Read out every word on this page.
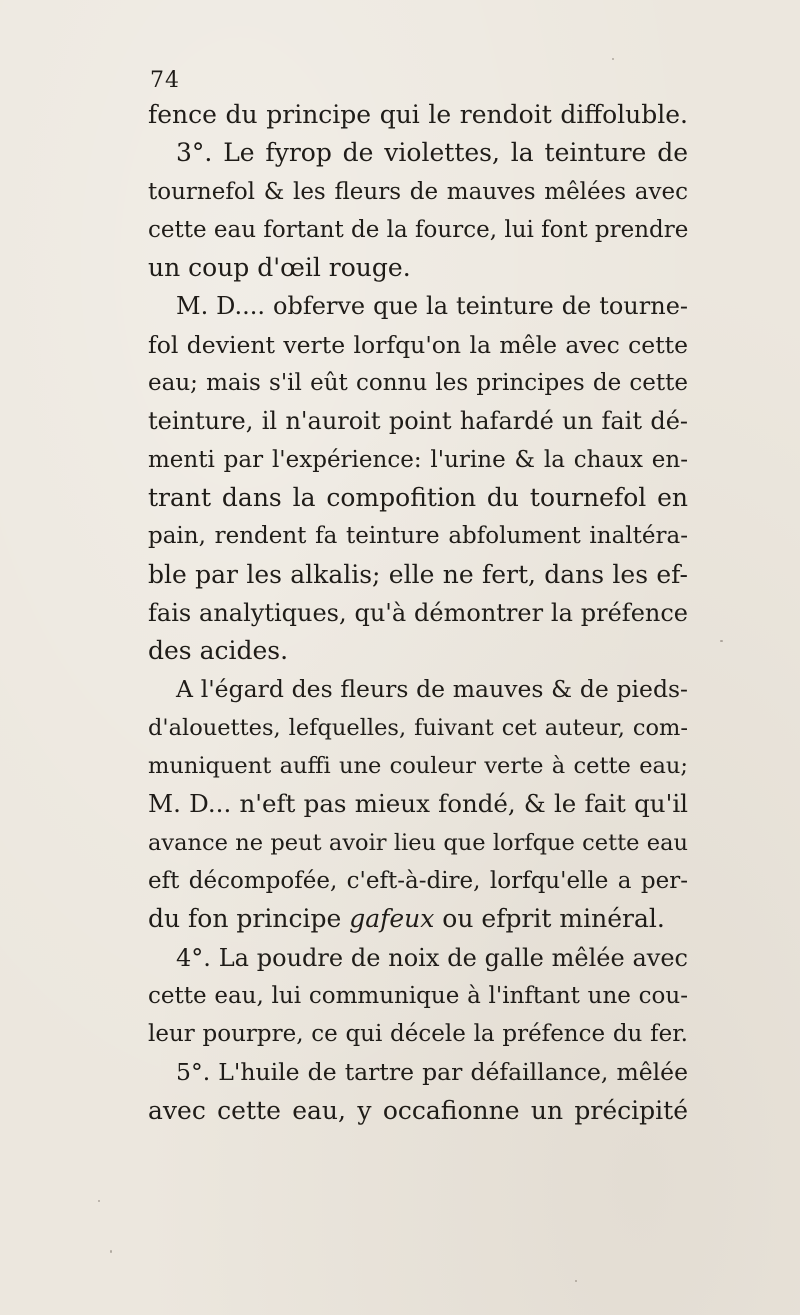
74
fence du principe qui le rendoit diffoluble.
3°. Le fyrop de violettes, la teinture de
tournefol & les fleurs de mauves mêlées avec
cette eau fortant de la fource, lui font prendre
un coup d'œil rouge.
M. D.... obferve que la teinture de tourne-
fol devient verte lorfqu'on la mêle avec cette
eau; mais s'il eût connu les principes de cette
teinture, il n'auroit point hafardé un fait dé-
menti par l'expérience: l'urine & la chaux en-
trant dans la compofition du tournefol en
pain, rendent fa teinture abfolument inaltéra-
ble par les alkalis; elle ne fert, dans les ef-
fais analytiques, qu'à démontrer la préfence
des acides.
A l'égard des fleurs de mauves & de pieds-
d'alouettes, lefquelles, fuivant cet auteur, com-
muniquent auffi une couleur verte à cette eau;
M. D... n'eft pas mieux fondé, & le fait qu'il
avance ne peut avoir lieu que lorfque cette eau
eft décompofée, c'eft-à-dire, lorfqu'elle a per-
du fon principe gafeux ou efprit minéral.
4°. La poudre de noix de galle mêlée avec
cette eau, lui communique à l'inftant une cou-
leur pourpre, ce qui décele la préfence du fer.
5°. L'huile de tartre par défaillance, mêlée
avec cette eau, y occafionne un précipité
